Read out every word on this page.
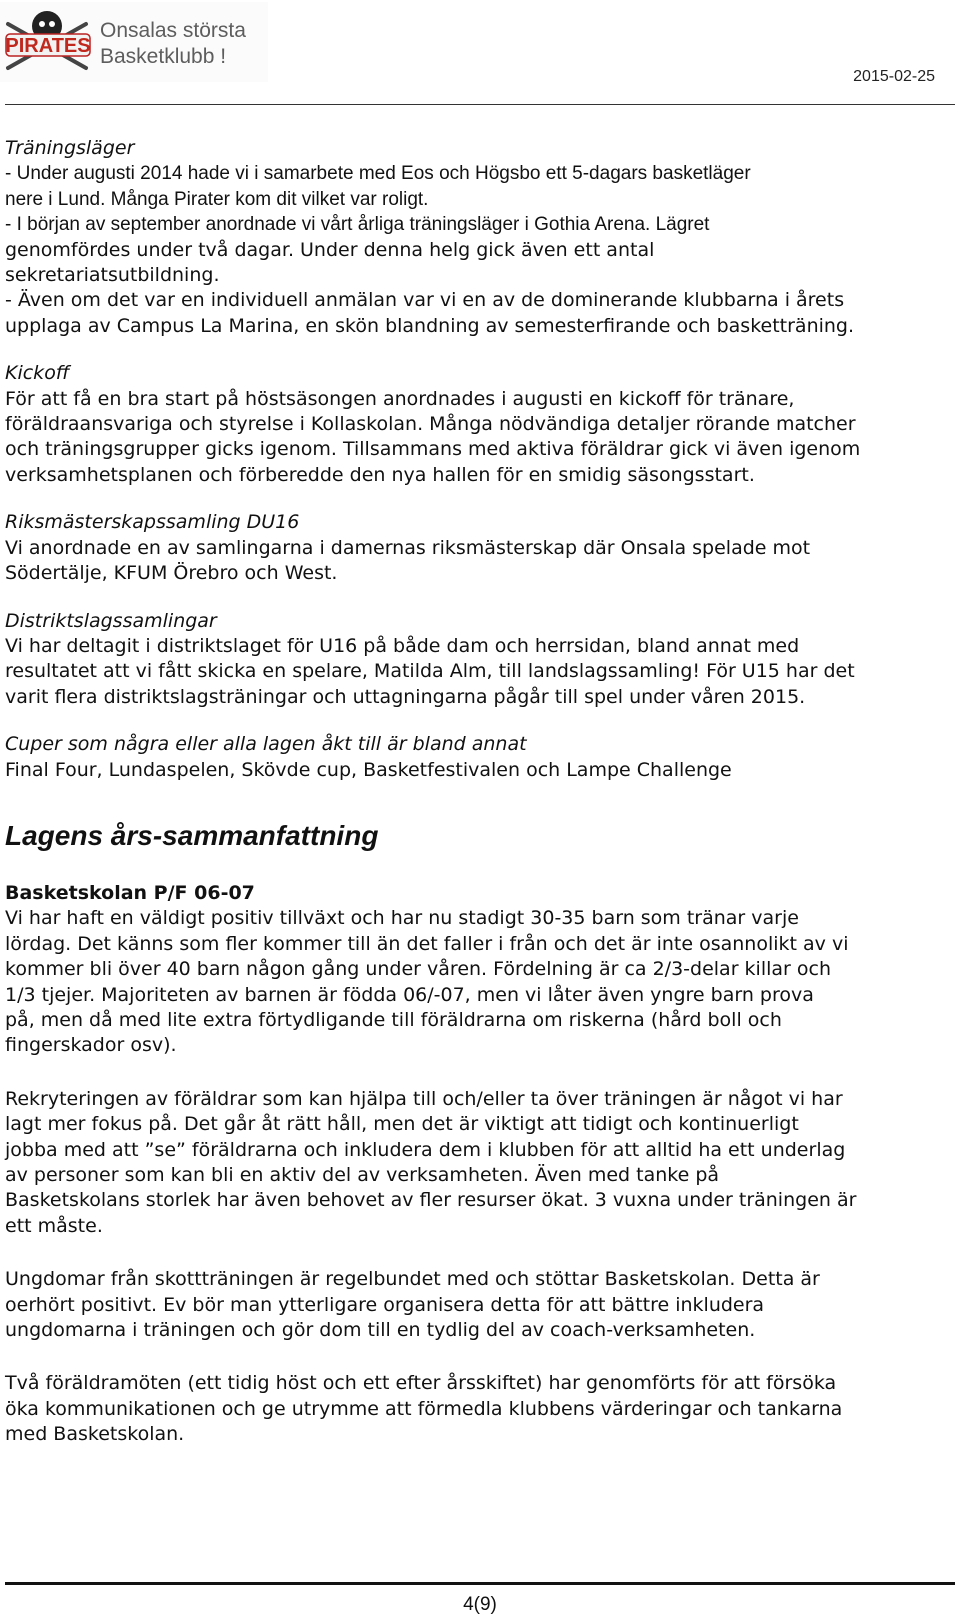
PIRATES
Onsalas största
Basketklubb !
2015-02-25

Träningsläger

- Under augusti 2014 hade vi i samarbete med Eos och Högsbo ett 5-dagars basketläger

nere i Lund. Många Pirater kom dit vilket var roligt.

- I början av september anordnade vi vårt årliga träningsläger i Gothia Arena. Lägret

genomfördes under två dagar. Under denna helg gick även ett antal

sekretariatsutbildning.

- Även om det var en individuell anmälan var vi en av de dominerande klubbarna i årets

upplaga av Campus La Marina, en skön blandning av semesterfirande och basketträning.

Kickoff

För att få en bra start på höstsäsongen anordnades i augusti en kickoff för tränare,

föräldraansvariga och styrelse i Kollaskolan. Många nödvändiga detaljer rörande matcher

och träningsgrupper gicks igenom. Tillsammans med aktiva föräldrar gick vi även igenom

verksamhetsplanen och förberedde den nya hallen för en smidig säsongsstart.

Riksmästerskapssamling DU16

Vi anordnade en av samlingarna i damernas riksmästerskap där Onsala spelade mot

Södertälje, KFUM Örebro och West.

Distriktslagssamlingar

Vi har deltagit i distriktslaget för U16 på både dam och herrsidan, bland annat med

resultatet att vi fått skicka en spelare, Matilda Alm, till landslagssamling! För U15 har det

varit flera distriktslagsträningar och uttagningarna pågår till spel under våren 2015.

Cuper som några eller alla lagen åkt till är bland annat

Final Four, Lundaspelen, Skövde cup, Basketfestivalen och Lampe Challenge

Lagens års-sammanfattning

Basketskolan P/F 06-07

Vi har haft en väldigt positiv tillväxt och har nu stadigt 30-35 barn som tränar varje

lördag. Det känns som fler kommer till än det faller i från och det är inte osannolikt av vi

kommer bli över 40 barn någon gång under våren. Fördelning är ca 2/3-delar killar och

1/3 tjejer. Majoriteten av barnen är födda 06/-07, men vi låter även yngre barn prova

på, men då med lite extra förtydligande till föräldrarna om riskerna (hård boll och

fingerskador osv).

Rekryteringen av föräldrar som kan hjälpa till och/eller ta över träningen är något vi har

lagt mer fokus på. Det går åt rätt håll, men det är viktigt att tidigt och kontinuerligt

jobba med att ”se” föräldrarna och inkludera dem i klubben för att alltid ha ett underlag

av personer som kan bli en aktiv del av verksamheten. Även med tanke på

Basketskolans storlek har även behovet av fler resurser ökat. 3 vuxna under träningen är

ett måste.

Ungdomar från skottträningen är regelbundet med och stöttar Basketskolan. Detta är

oerhört positivt. Ev bör man ytterligare organisera detta för att bättre inkludera

ungdomarna i träningen och gör dom till en tydlig del av coach-verksamheten.

Två föräldramöten (ett tidig höst och ett efter årsskiftet) har genomförts för att försöka

öka kommunikationen och ge utrymme att förmedla klubbens värderingar och tankarna

med Basketskolan.

4(9)
